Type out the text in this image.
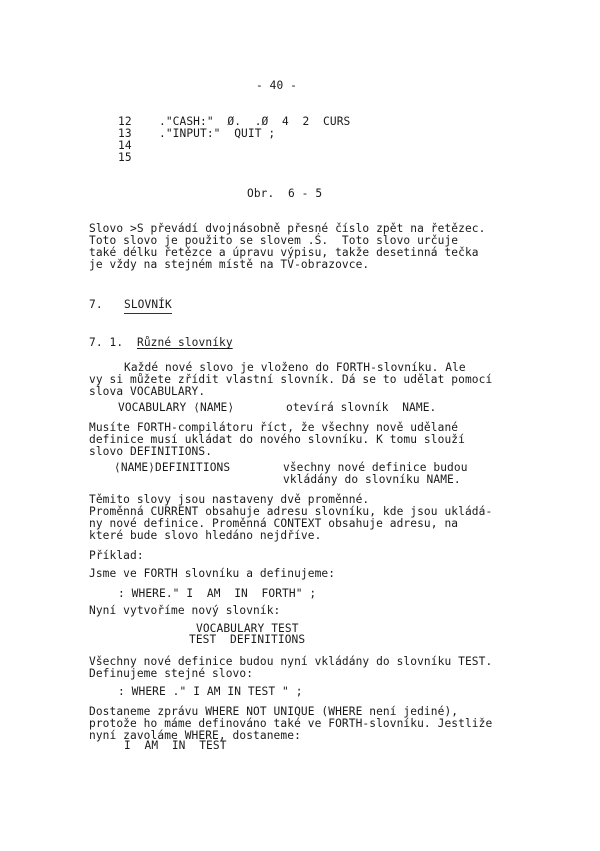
- 40 -
12 ."CASH:"  Ø.  .Ø  4  2  CURS
13 ."INPUT:"  QUIT ;
14
15
Obr.  6 - 5
Slovo >S převádí dvojnásobně přesné číslo zpět na řetězec.
Toto slovo je použito se slovem .Ś.  Toto slovo určuje
také délku řetězce a úpravu výpisu, takže desetinná tečka
je vždy na stejném místě na TV-obrazovce.
7. SLOVNÍK
7. 1. Různé slovníky
Každé nové slovo je vloženo do FORTH-slovníku. Ale
vy si můžete zřídit vlastní slovník. Dá se to udělat pomocí
slova VOCABULARY.
VOCABULARY ⟨NAME⟩	otevírá slovník  NAME.
Musíte FORTH-compilátoru říct, že všechny nově udělané
definice musí ukládat do nového slovníku. K tomu slouží
slovo DEFINITIONS.
⟨NAME⟩DEFINITIONS	všechny nové definice budou
vkládány do slovníku NAME.
Těmito slovy jsou nastaveny dvě proměnné.
Proměnná CURRENT obsahuje adresu slovníku, kde jsou ukládá-
ny nové definice. Proměnná CONTEXT obsahuje adresu, na
které bude slovo hledáno nejdříve.
Příklad:
Jsme ve FORTH slovníku a definujeme:
: WHERE." I  AM  IN  FORTH" ;
Nyní vytvoříme nový slovník:
VOCABULARY TEST
TEST  DEFINITIONS
Všechny nové definice budou nyní vkládány do slovníku TEST.
Definujeme stejné slovo:
: WHERE ." I AM IN TEST " ;
Dostaneme zprávu WHERE NOT UNIQUE (WHERE není jediné),
protože ho máme definováno také ve FORTH-slovníku. Jestliže
nyní zavoláme WHERE, dostaneme:
I  AM  IN  TEST
